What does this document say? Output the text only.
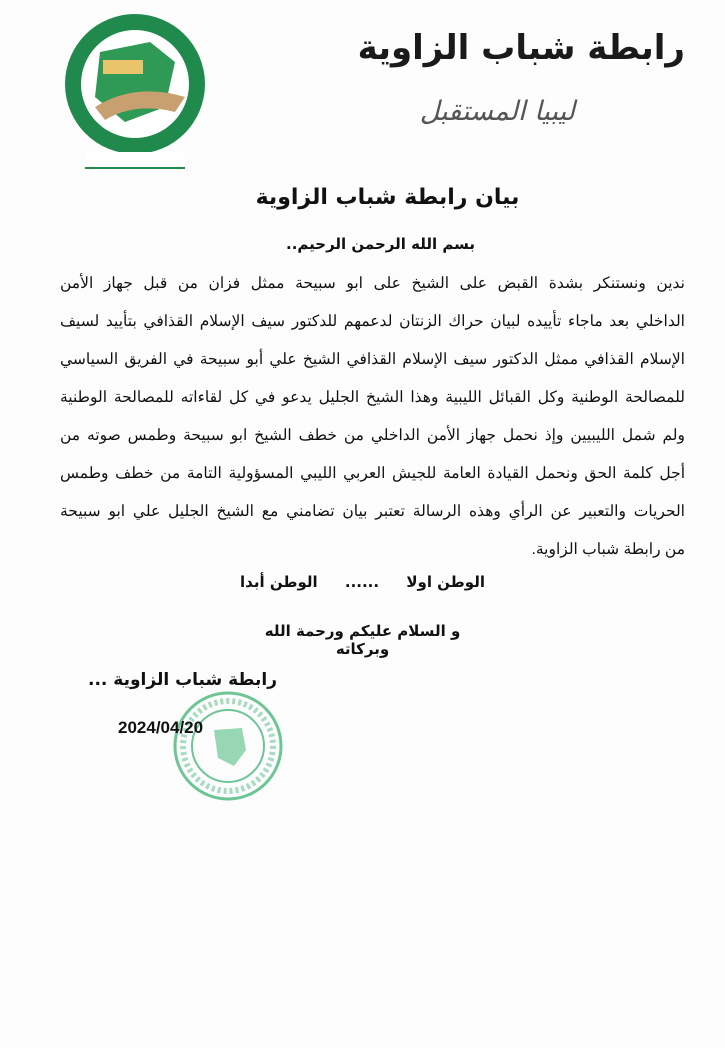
رابطة شباب الزاوية
ليبيا المستقبل
بيان رابطة شباب الزاوية
بسم الله الرحمن الرحيم..
ندين ونستنكر بشدة القبض على الشيخ على ابو سبيحة ممثل فزان من قبل جهاز الأمن
الداخلي بعد ماجاء تأييده لبيان حراك الزنتان لدعمهم للدكتور سيف الإسلام القذافي بتأييد لسيف
الإسلام القذافي ممثل الدكتور سيف الإسلام القذافي الشيخ علي أبو سبيحة في الفريق السياسي
للمصالحة الوطنية وكل القبائل الليبية وهذا الشيخ الجليل يدعو في كل لقاءاته للمصالحة الوطنية
ولم شمل الليبيين وإذ نحمل جهاز الأمن الداخلي من خطف الشيخ ابو سبيحة وطمس صوته من
أجل كلمة الحق ونحمل القيادة العامة للجيش العربي الليبي المسؤولية التامة من خطف وطمس
الحريات والتعبير عن الرأي وهذه الرسالة تعتبر بيان تضامني مع الشيخ الجليل علي ابو سبيحة
من رابطة شباب الزاوية.
الوطن اولا
......
الوطن أبدا
و السلام عليكم ورحمة الله وبركاته
رابطة شباب الزاوية ...
2024/04/20
